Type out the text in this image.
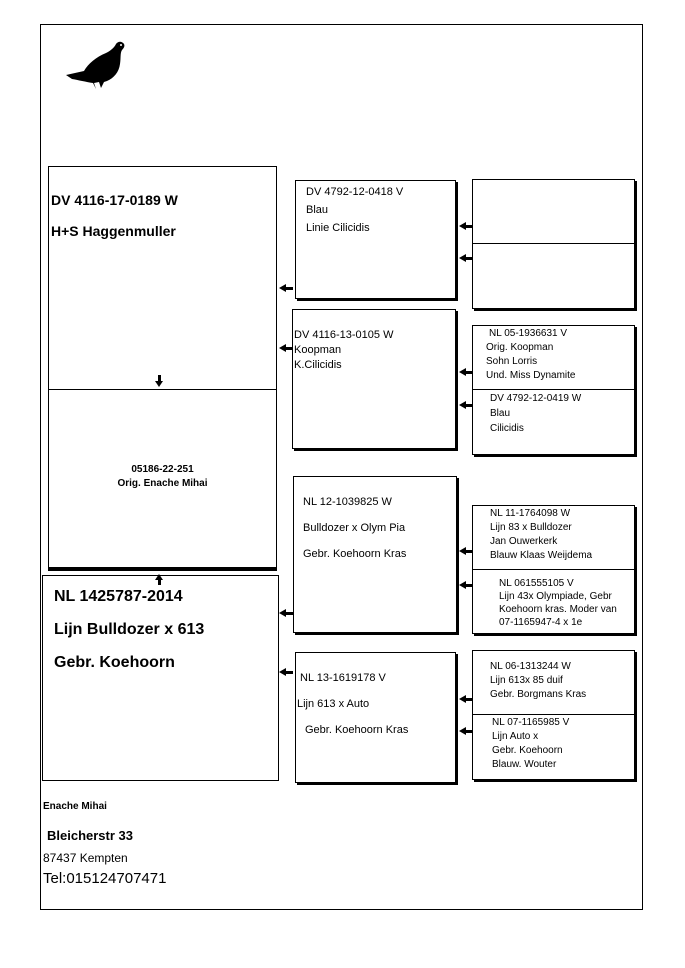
DV 4116-17-0189 W
H+S Haggenmuller
05186-22-251
Orig. Enache Mihai
NL 1425787-2014
Lijn Bulldozer x 613
Gebr. Koehoorn
DV 4792-12-0418 V
Blau
Linie Cilicidis
DV 4116-13-0105 W
Koopman
K.Cilicidis
NL 12-1039825 W
Bulldozer x Olym Pia
Gebr. Koehoorn Kras
NL 13-1619178 V
Lijn 613 x Auto
Gebr. Koehoorn Kras
NL 05-1936631 V
Orig. Koopman
Sohn Lorris
Und. Miss Dynamite
DV 4792-12-0419 W
Blau
Cilicidis
NL 11-1764098 W
Lijn 83 x Bulldozer
Jan Ouwerkerk
Blauw Klaas Weijdema
NL 061555105 V
Lijn 43x Olympiade, Gebr
Koehoorn kras. Moder van
07-1165947-4 x 1e
NL 06-1313244 W
Lijn 613x 85 duif
Gebr. Borgmans Kras
NL 07-1165985 V
Lijn Auto x
Gebr. Koehoorn
Blauw. Wouter
Enache Mihai
Bleicherstr 33
87437 Kempten
Tel:015124707471
